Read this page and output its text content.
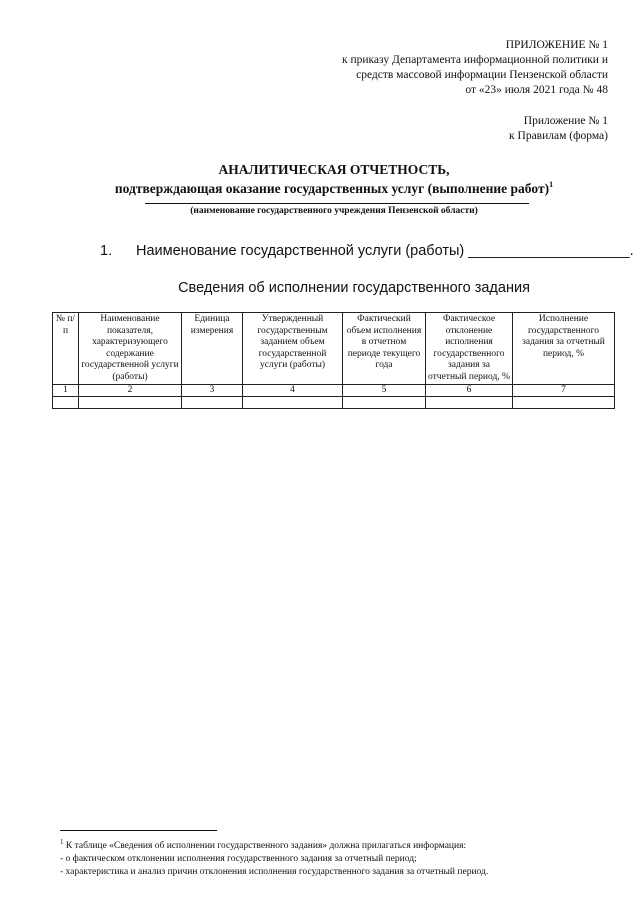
ПРИЛОЖЕНИЕ № 1
к приказу Департамента информационной политики и
средств массовой информации Пензенской области
от «23» июля 2021 года № 48
Приложение № 1
к Правилам (форма)
АНАЛИТИЧЕСКАЯ ОТЧЕТНОСТЬ,
подтверждающая оказание государственных услуг (выполнение работ)$^1$
(наименование государственного учреждения Пензенской области)
1. Наименование государственной услуги (работы) ____________________.
Сведения об исполнении государственного задания
№ п/п	Наименование показателя, характеризующего содержание государственной услуги (работы)	Единица измерения	Утвержденный государственным заданием объем государственной услуги (работы)	Фактический объем исполнения в отчетном периоде текущего года	Фактическое отклонение исполнения государственного задания за отчетный период, %	Исполнение государственного задания за отчетный период, %
1	2	3	4	5	6	7

$^1$ К таблице «Сведения об исполнении государственного задания» должна прилагаться информация:
- о фактическом отклонении исполнения государственного задания за отчетный период;
- характеристика и анализ причин отклонения исполнения государственного задания за отчетный период.
